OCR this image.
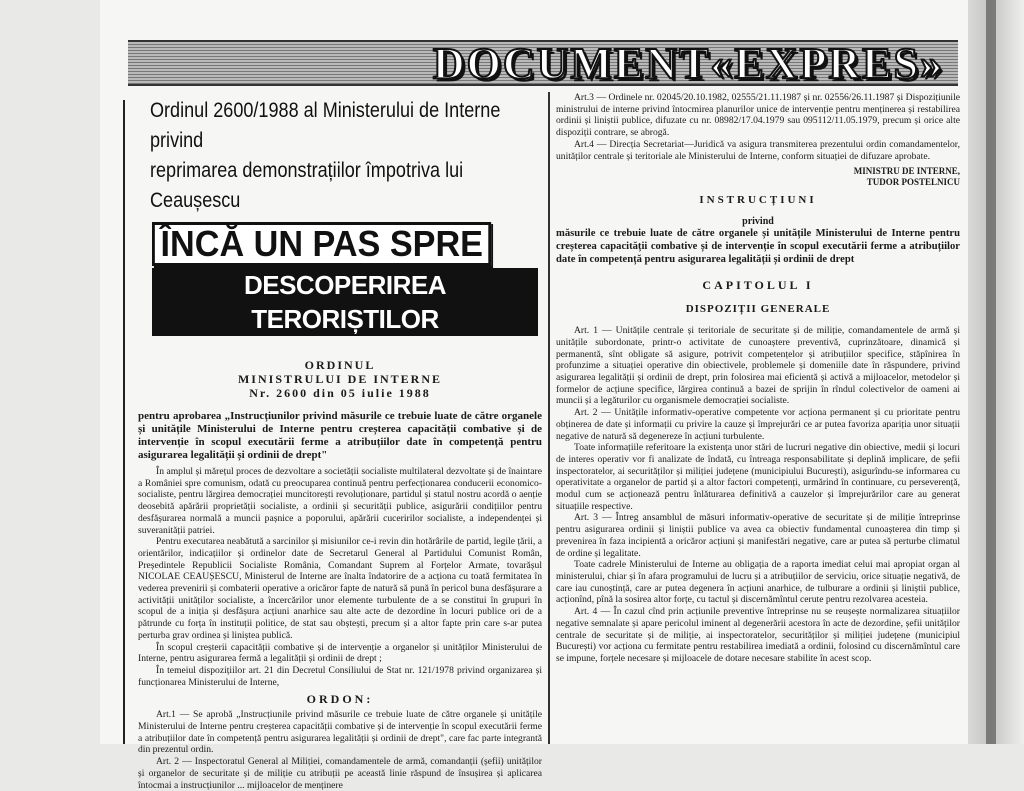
DOCUMENT«EXPRES»
Ordinul 2600/1988 al Ministerului de Interne privind
reprimarea demonstrațiilor împotriva lui Ceaușescu
ÎNCĂ UN PAS SPRE
DESCOPERIREA TERORIȘTILOR
ORDINUL
MINISTRULUI DE INTERNE
Nr. 2600 din 05 iulie 1988

pentru aprobarea „Instrucțiunilor privind măsurile ce trebuie luate de către organele și unitățile Ministerului de Interne pentru creșterea capacității combative și de intervenție în scopul executării ferme a atribuțiilor date în competență pentru asigurarea legalității și ordinii de drept"

În amplul și mărețul proces de dezvoltare a societății socialiste multilateral dezvoltate și de înaintare a României spre comunism, odată cu preocuparea continuă pentru perfecționarea conducerii economico-socialiste, pentru lărgirea democrației muncitorești revoluționare, partidul și statul nostru acordă o aenție deosebită apărării proprietății socialiste, a ordinii și securității publice, asigurării condițiilor pentru desfășurarea normală a muncii pașnice a poporului, apărării cuceririlor socialiste, a independenței și suveranității patriei.

Pentru executarea neabătută a sarcinilor și misiunilor ce-i revin din hotărârile de partid, legile țării, a orientărilor, indicațiilor și ordinelor date de Secretarul General al Partidului Comunist Român, Președintele Republicii Socialiste România, Comandant Suprem al Forțelor Armate, tovarășul NICOLAE CEAUȘESCU, Ministerul de Interne are înalta îndatorire de a acționa cu toată fermitatea în vederea prevenirii și combaterii operative a oricăror fapte de natură să pună în pericol buna desfășurare a activității unităților socialiste, a încercărilor unor elemente turbulente de a se constitui în grupuri în scopul de a iniția și desfășura acțiuni anarhice sau alte acte de dezordine în locuri publice ori de a pătrunde cu forța în instituții politice, de stat sau obștești, precum și a altor fapte prin care s-ar putea perturba grav ordinea și liniștea publică.

În scopul creșterii capacității combative și de intervenție a organelor și unităților Ministerului de Interne, pentru asigurarea fermă a legalității și ordinii de drept ;

În temeiul dispozițiilor art. 21 din Decretul Consiliului de Stat nr. 121/1978 privind organizarea și funcționarea Ministerului de Interne,

ORDON:

Art.1 — Se aprobă „Instrucțiunile privind măsurile ce trebuie luate de către organele și unitățile Ministerului de Interne pentru creșterea capacității combative și de intervenție în scopul executării ferme a atribuțiilor date în competență pentru asigurarea legalității și ordinii de drept", care fac parte integrantă din prezentul ordin.

Art. 2 — Inspectoratul General al Miliției, comandamentele de armă, comandanții (șefii) unităților și organelor de securitate și de miliție cu atribuții pe această linie răspund de însușirea și aplicarea întocmai a instrucțiunilor ... mijloacelor de menținere

Art.3 — Ordinele nr. 02045/20.10.1982, 02555/21.11.1987 și nr. 02556/26.11.1987 și Dispozițiunile ministrului de interne privind întocmirea planurilor unice de intervenție pentru menținerea și restabilirea ordinii și liniștii publice, difuzate cu nr. 08982/17.04.1979 sau 095112/11.05.1979, precum și orice alte dispoziții contrare, se abrogă.

Art.4 — Direcția Secretariat—Juridică va asigura transmiterea prezentului ordin comandamentelor, unităților centrale și teritoriale ale Ministerului de Interne, conform situației de difuzare aprobate.

MINISTRU DE INTERNE,
TUDOR POSTELNICU
INSTRUCȚIUNI
privind

măsurile ce trebuie luate de către organele și unitățile Ministerului de Interne pentru creșterea capacității combative și de intervenție în scopul executării ferme a atribuțiilor date în competență pentru asigurarea legalității și ordinii de drept

CAPITOLUL I
DISPOZIȚII GENERALE

Art. 1 — Unitățile centrale și teritoriale de securitate și de miliție, comandamentele de armă și unitățile subordonate, printr-o activitate de cunoaștere preventivă, cuprinzătoare, dinamică și permanentă, sînt obligate să asigure, potrivit competențelor și atribuțiilor specifice, stăpînirea în profunzime a situației operative din obiectivele, problemele și domeniile date în răspundere, privind asigurarea legalității și ordinii de drept, prin folosirea mai eficientă și activă a mijloacelor, metodelor și formelor de acțiune specifice, lărgirea continuă a bazei de sprijin în rîndul colectivelor de oameni ai muncii și a legăturilor cu organismele democrației socialiste.

Art. 2 — Unitățile informativ-operative competente vor acționa permanent și cu prioritate pentru obținerea de date și informații cu privire la cauze și împrejurări ce ar putea favoriza apariția unor situații negative de natură să degenereze în acțiuni turbulente.

Toate informațiile referitoare la existența unor stări de lucruri negative din obiective, medii și locuri de interes operativ vor fi analizate de îndată, cu întreaga responsabilitate și deplină implicare, de șefii inspectoratelor, ai securităților și miliției județene (municipiului București), asigurîndu-se informarea cu operativitate a organelor de partid și a altor factori competenți, urmărind în continuare, cu perseverență, modul cum se acționează pentru înlăturarea definitivă a cauzelor și împrejurărilor care au generat situațiile respective.

Art. 3 — Întreg ansamblul de măsuri informativ-operative de securitate și de miliție întreprinse pentru asigurarea ordinii și liniștii publice va avea ca obiectiv fundamental cunoașterea din timp și prevenirea în faza incipientă a oricăror acțiuni și manifestări negative, care ar putea să perturbe climatul de ordine și legalitate.

Toate cadrele Ministerului de Interne au obligația de a raporta imediat celui mai apropiat organ al ministerului, chiar și în afara programului de lucru și a atribuțiilor de serviciu, orice situație negativă, de care iau cunoștință, care ar putea degenera în acțiuni anarhice, de tulburare a ordinii și liniștii publice, acționînd, pînă la sosirea altor forțe, cu tactul și discernămîntul cerute pentru rezolvarea acesteia.

Art. 4 — În cazul cînd prin acțiunile preventive întreprinse nu se reușește normalizarea situațiilor negative semnalate și apare pericolul iminent al degenerării acestora în acte de dezordine, șefii unităților centrale de securitate și de miliție, ai inspectoratelor, securităților și miliției județene (municipiul București) vor acționa cu fermitate pentru restabilirea imediată a ordinii, folosind cu discernămîntul care se impune, forțele necesare și mijloacele de dotare necesare stabilite în acest scop.
